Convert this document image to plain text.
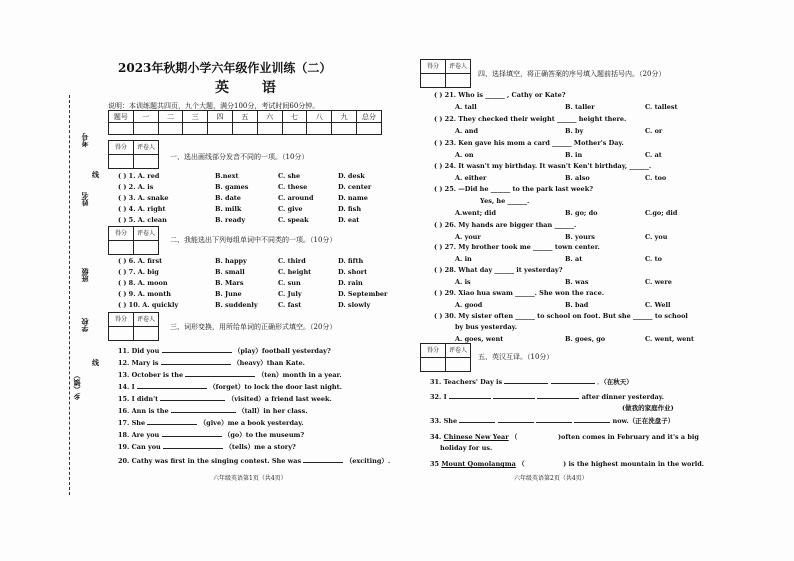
考号
姓名
班级
学校
乡（镇）
线
线
2023年秋期小学六年级作业训练（二）
英 语
说明：本训练题共四页，九个大题，满分100分，考试时间60分钟。
题号	一	二	三	四	五	六	七	八	九	总分

得分	评卷人

一、选出画线部分发音不同的一项。（10分）
( ) 1. A. red	B.next	C. she	D. desk
( ) 2. A. is	B. games	C. these	D. center
( ) 3. A. snake	B. date	C. around	D. name
( ) 4. A. right	B. milk	C. give	D. fish
( ) 5. A. clean	B. ready	C. speak	D. eat
得分	评卷人

二、我能选出下列每组单词中不同类的一项。（10分）
( ) 6. A. first	B. happy	C. third	D. fifth
( ) 7. A. big	B. small	C. height	D. short
( ) 8. A. moon	B. Mars	C. sun	D. rain
( ) 9. A. month	B. June	C. July	D. September
( ) 10. A. quickly	B. suddenly	C. fast	D. slowly
得分	评卷人

三、词形变换，用所给单词的正确形式填空。（20分）
11. Did you	（play）football yesterday?
12. Mary is	（heavy）than Kate.
13. October is the	（ten）month in a year.
14. I	（forget）to lock the door last night.
15. I didn't	（visited）a friend last week.
16. Ann is the	（tall）in her class.
17. She	（give）me a book yesterday.
18. Are you	（go）to the museum?
19. Can you	（tells）me a story?
20. Cathy was first in the singing contest. She was	（exciting）.
六年级英语第1页（共4页）
得分	评卷人

四、选择填空，将正确答案的序号填入题前括号内。（20分）
( ) 21. Who is ______ , Cathy or Kate?
A. tall	B. taller	C. tallest
( ) 22. They checked their weight ______ height there.
A. and	B. by	C. or
( ) 23. Ken gave his mom a card ______ Mother's Day.
A. on	B. in	C. at
( ) 24. It wasn't my birthday. It wasn't Ken't birthday, ______.
A. either	B. also	C. too
( ) 25. —Did he ______ to the park last week?
Yes, he ______.
A.went; did	B. go; do	C.go; did
( ) 26. My hands are bigger than ______.
A. your	B. yours	C. you
( ) 27. My brother took me ______ town center.
A. in	B. at	C. to
( ) 28. What day ______ it yesterday?
A. is	B. was	C. were
( ) 29. Xiao hua swam ______. She won the race.
A. good	B. bad	C. Well
( ) 30. My sister often ______ to school on foot. But she ______ to school
by bus yesterday.
A. goes, went	B. goes, go	C. went, went
得分	评卷人

五、英汉互译。（10分）
31. Teachers' Day is	．（在秋天）
32. I	after dinner yesterday.
(做我的家庭作业)
33. She	now.（正在洗盘子）
34. Chinese New Year （	)often comes in February and it's a big
holiday for us.
35 Mount Qomolangma （	) is the highest mountain in the world.
六年级英语第2页（共4页）
